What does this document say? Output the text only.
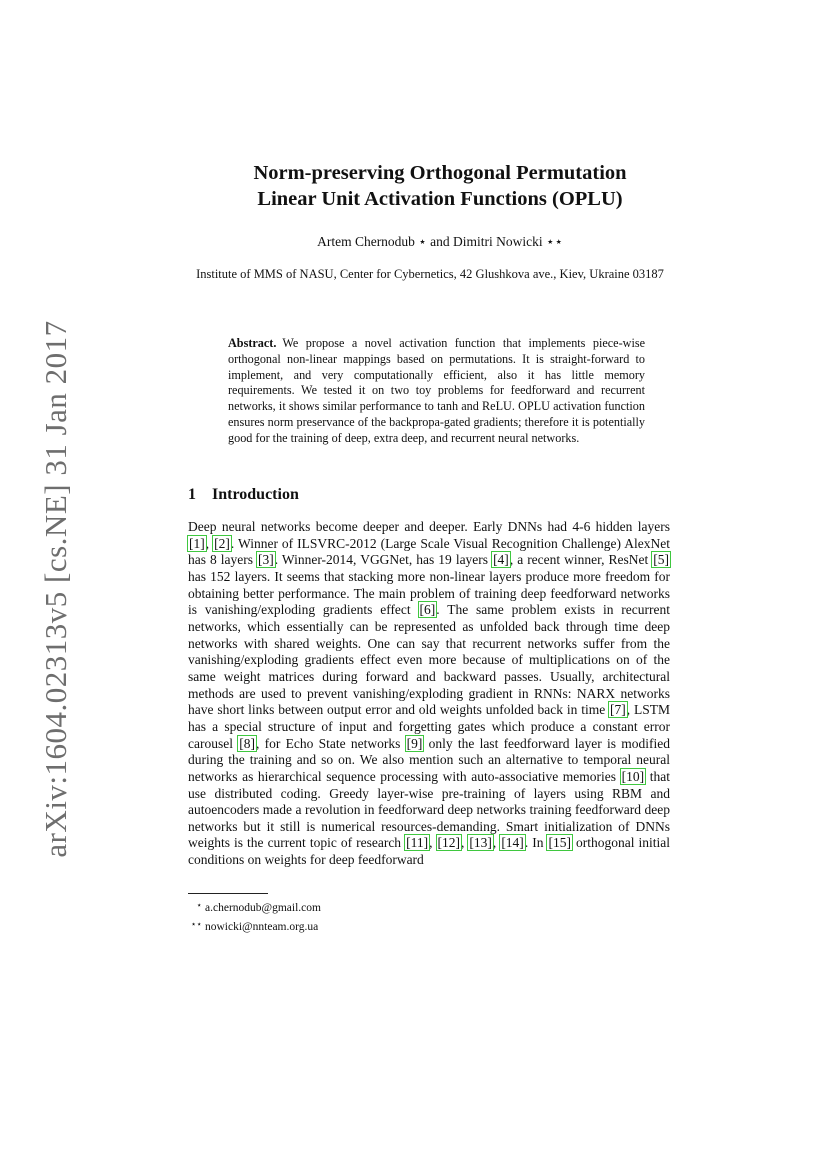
arXiv:1604.02313v5 [cs.NE] 31 Jan 2017
Norm-preserving Orthogonal Permutation
Linear Unit Activation Functions (OPLU)
Artem Chernodub ⋆ and Dimitri Nowicki ⋆⋆
Institute of MMS of NASU, Center for Cybernetics, 42 Glushkova ave., Kiev, Ukraine 03187
Abstract. We propose a novel activation function that implements piece-wise orthogonal non-linear mappings based on permutations. It is straight-forward to implement, and very computationally efficient, also it has little memory requirements. We tested it on two toy problems for feedforward and recurrent networks, it shows similar performance to tanh and ReLU. OPLU activation function ensures norm preservance of the backpropa-gated gradients; therefore it is potentially good for the training of deep, extra deep, and recurrent neural networks.
1 Introduction
Deep neural networks become deeper and deeper. Early DNNs had 4-6 hidden layers [1], [2]. Winner of ILSVRC-2012 (Large Scale Visual Recognition Challenge) AlexNet has 8 layers [3]. Winner-2014, VGGNet, has 19 layers [4], a recent winner, ResNet [5] has 152 layers. It seems that stacking more non-linear layers produce more freedom for obtaining better performance. The main problem of training deep feedforward networks is vanishing/exploding gradients effect [6]. The same problem exists in recurrent networks, which essentially can be represented as unfolded back through time deep networks with shared weights. One can say that recurrent networks suffer from the vanishing/exploding gradients effect even more because of multiplications on of the same weight matrices during forward and backward passes. Usually, architectural methods are used to prevent vanishing/exploding gradient in RNNs: NARX networks have short links between output error and old weights unfolded back in time [7], LSTM has a special structure of input and forgetting gates which produce a constant error carousel [8], for Echo State networks [9] only the last feedforward layer is modified during the training and so on. We also mention such an alternative to temporal neural networks as hierarchical sequence processing with auto-associative memories [10] that use distributed coding. Greedy layer-wise pre-training of layers using RBM and autoencoders made a revolution in feedforward deep networks training feedforward deep networks but it still is numerical resources-demanding. Smart initialization of DNNs weights is the current topic of research [11], [12], [13], [14]. In [15] orthogonal initial conditions on weights for deep feedforward
⋆ a.chernodub@gmail.com
⋆⋆ nowicki@nnteam.org.ua
